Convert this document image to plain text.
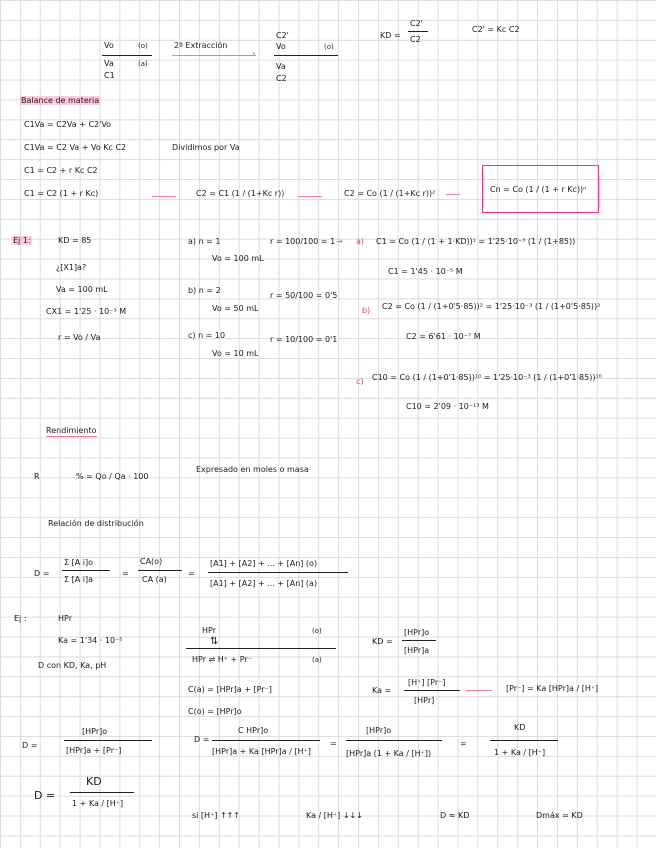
Vo	(o)
Va	(a)
C1
2ª Extracción
›
C2'
Vo	(o)
Va
C2
KD =
C2'
C2
C2' = Kc C2
Balance de materia
C1Va = C2Va + C2'Vo
C1Va = C2 Va + Vo Kc C2	Dividimos por Va
C1 = C2 + r Kc C2
C1 = C2 (1 + r Kc)	C2 = C1 (1 / (1+Kc r))	C2 = Co (1 / (1+Kc r))²	Cn = Co (1 / (1 + r Kc))ⁿ
Ej 1:	KD = 85
¿[X1]a?
Va = 100 mL
CX1 = 1'25 · 10⁻³ M
r = Vo / Va
a) n = 1
Vo = 100 mL
r = 100/100 = 1 →
b) n = 2
Vo = 50 mL
r = 50/100 = 0'5
c) n = 10
Vo = 10 mL
r = 10/100 = 0'1
a) C1 = Co (1 / (1 + 1·KD))¹ = 1'25·10⁻³ (1 / (1+85))
C1 = 1'45 · 10⁻⁵ M
b) C2 = Co (1 / (1+0'5·85))² = 1'25·10⁻³ (1 / (1+0'5·85))²
C2 = 6'61 · 10⁻⁷ M
c) C10 = Co (1 / (1+0'1·85))¹⁰ = 1'25·10⁻³ (1 / (1+0'1·85))¹⁰
C10 = 2'09 · 10⁻¹³ M
Rendimiento
R	% = Qo / Qa · 100
Expresado en moles o masa
Relación de distribución
D =
Σ [A i]o
Σ [A i]a
=
CA(o)
CA (a)
=
[A1] + [A2] + ... + [An] (o)
[A1] + [A2] + ... + [An] (a)
Ej :	HPr
Ka = 1'34 · 10⁻⁵
D con KD, Ka, pH
HPr	(o)
⇅
HPr ⇌ H⁺ + Pr⁻	(a)
KD =
[HPr]o
[HPr]a
C(a) = [HPr]a + [Pr⁻]
C(o) = [HPr]o
Ka =
[H⁺] [Pr⁻]
[HPr]
[Pr⁻] = Ka [HPr]a / [H⁺]
D =
[HPr]o
[HPr]a + [Pr⁻]
D =
C HPr]o
[HPr]a + Ka [HPr]a / [H⁺]
=
[HPr]o
[HPr]a (1 + Ka / [H⁺])
=
KD
1 + Ka / [H⁺]
D =
KD
1 + Ka / [H⁺]
si [H⁺] ↑↑↑	Ka / [H⁺] ↓↓↓	D ≈ KD	Dmáx = KD
